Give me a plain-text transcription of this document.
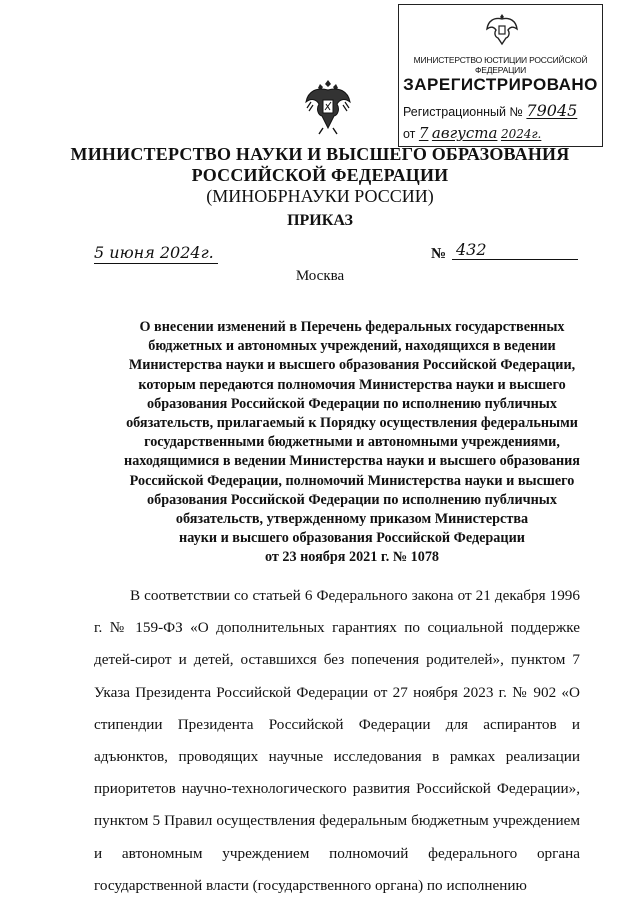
МИНИСТЕРСТВО ЮСТИЦИИ РОССИЙСКОЙ ФЕДЕРАЦИИ
ЗАРЕГИСТРИРОВАНО
Регистрационный № 79045
от 7 августа 2024г.
МИНИСТЕРСТВО НАУКИ И ВЫСШЕГО ОБРАЗОВАНИЯ
РОССИЙСКОЙ ФЕДЕРАЦИИ
(МИНОБРНАУКИ РОССИИ)
ПРИКАЗ
5 июня 2024г.	№ 432
Москва
О внесении изменений в Перечень федеральных государственных
бюджетных и автономных учреждений, находящихся в ведении
Министерства науки и высшего образования Российской Федерации,
которым передаются полномочия Министерства науки и высшего
образования Российской Федерации по исполнению публичных
обязательств, прилагаемый к Порядку осуществления федеральными
государственными бюджетными и автономными учреждениями,
находящимися в ведении Министерства науки и высшего образования
Российской Федерации, полномочий Министерства науки и высшего
образования Российской Федерации по исполнению публичных
обязательств, утвержденному приказом Министерства
науки и высшего образования Российской Федерации
от 23 ноября 2021 г. № 1078

В соответствии со статьей 6 Федерального закона от 21 декабря 1996 г. № 159-ФЗ «О дополнительных гарантиях по социальной поддержке детей-сирот и детей, оставшихся без попечения родителей», пунктом 7 Указа Президента Российской Федерации от 27 ноября 2023 г. № 902 «О стипендии Президента Российской Федерации для аспирантов и адъюнктов, проводящих научные исследования в рамках реализации приоритетов научно-технологического развития Российской Федерации», пунктом 5 Правил осуществления федеральным бюджетным учреждением и автономным учреждением полномочий федерального органа государственной власти (государственного органа) по исполнению
